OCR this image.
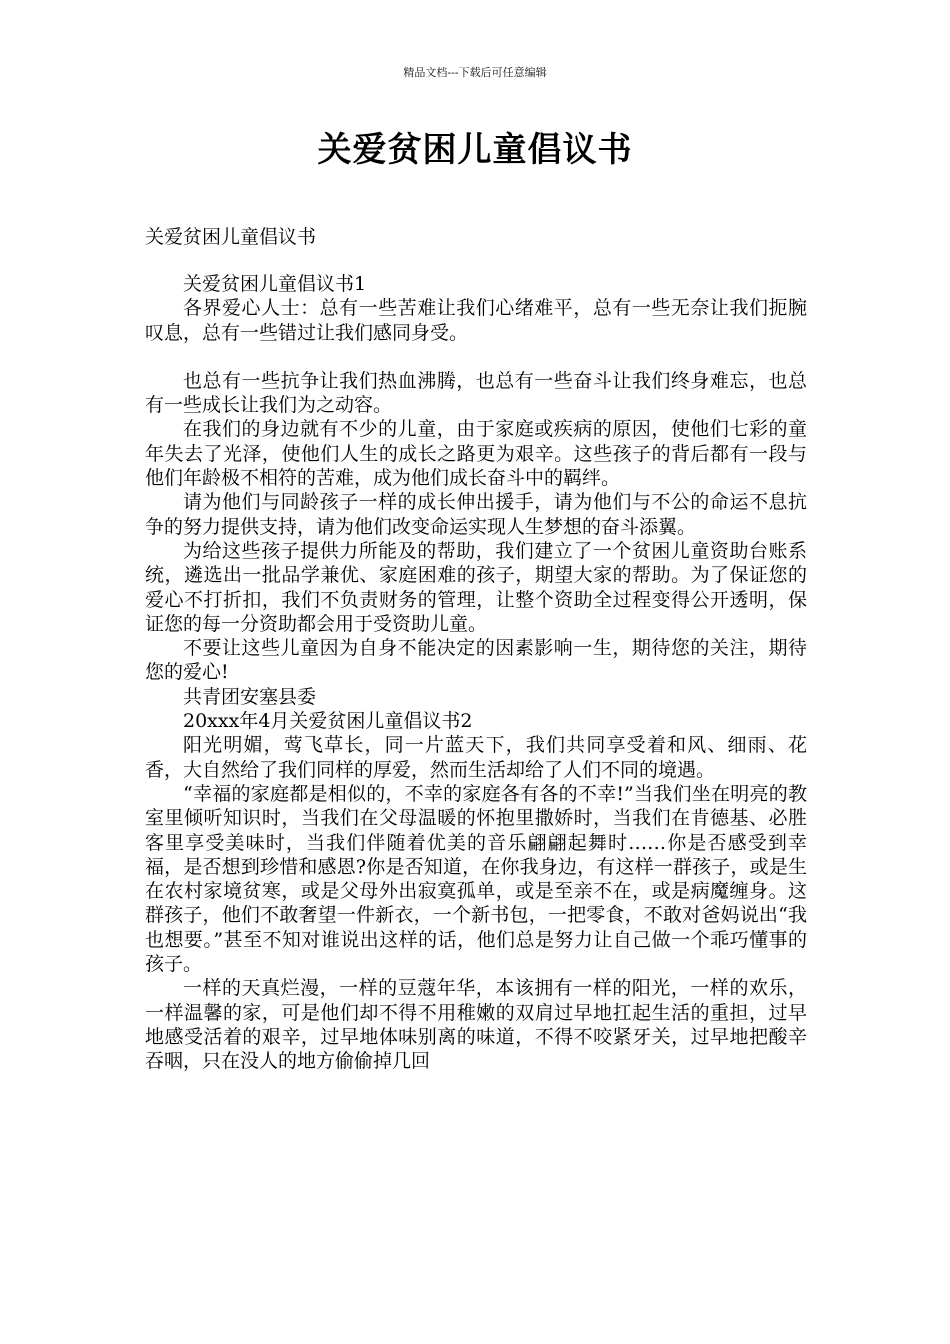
精品文档---下载后可任意编辑
关爱贫困儿童倡议书
关爱贫困儿童倡议书

关爱贫困儿童倡议书1

各界爱心人士：总有一些苦难让我们心绪难平，总有一些无奈让我们扼腕叹息，总有一些错过让我们感同身受。

也总有一些抗争让我们热血沸腾，也总有一些奋斗让我们终身难忘，也总有一些成长让我们为之动容。

在我们的身边就有不少的儿童，由于家庭或疾病的原因，使他们七彩的童年失去了光泽，使他们人生的成长之路更为艰辛。这些孩子的背后都有一段与他们年龄极不相符的苦难，成为他们成长奋斗中的羁绊。

请为他们与同龄孩子一样的成长伸出援手，请为他们与不公的命运不息抗争的努力提供支持，请为他们改变命运实现人生梦想的奋斗添翼。

为给这些孩子提供力所能及的帮助，我们建立了一个贫困儿童资助台账系统，遴选出一批品学兼优、家庭困难的孩子，期望大家的帮助。为了保证您的爱心不打折扣，我们不负责财务的管理，让整个资助全过程变得公开透明，保证您的每一分资助都会用于受资助儿童。

不要让这些儿童因为自身不能决定的因素影响一生，期待您的关注，期待您的爱心!

共青团安塞县委

20xxx年4月关爱贫困儿童倡议书2

阳光明媚，莺飞草长，同一片蓝天下，我们共同享受着和风、细雨、花香，大自然给了我们同样的厚爱，然而生活却给了人们不同的境遇。

“幸福的家庭都是相似的，不幸的家庭各有各的不幸!”当我们坐在明亮的教室里倾听知识时，当我们在父母温暖的怀抱里撒娇时，当我们在肯德基、必胜客里享受美味时，当我们伴随着优美的音乐翩翩起舞时……你是否感受到幸福，是否想到珍惜和感恩?你是否知道，在你我身边，有这样一群孩子，或是生在农村家境贫寒，或是父母外出寂寞孤单，或是至亲不在，或是病魔缠身。这群孩子，他们不敢奢望一件新衣，一个新书包，一把零食，不敢对爸妈说出“我也想要。”甚至不知对谁说出这样的话，他们总是努力让自己做一个乖巧懂事的孩子。

一样的天真烂漫，一样的豆蔻年华，本该拥有一样的阳光，一样的欢乐，一样温馨的家，可是他们却不得不用稚嫩的双肩过早地扛起生活的重担，过早地感受活着的艰辛，过早地体味别离的味道，不得不咬紧牙关，过早地把酸辛吞咽，只在没人的地方偷偷掉几回
